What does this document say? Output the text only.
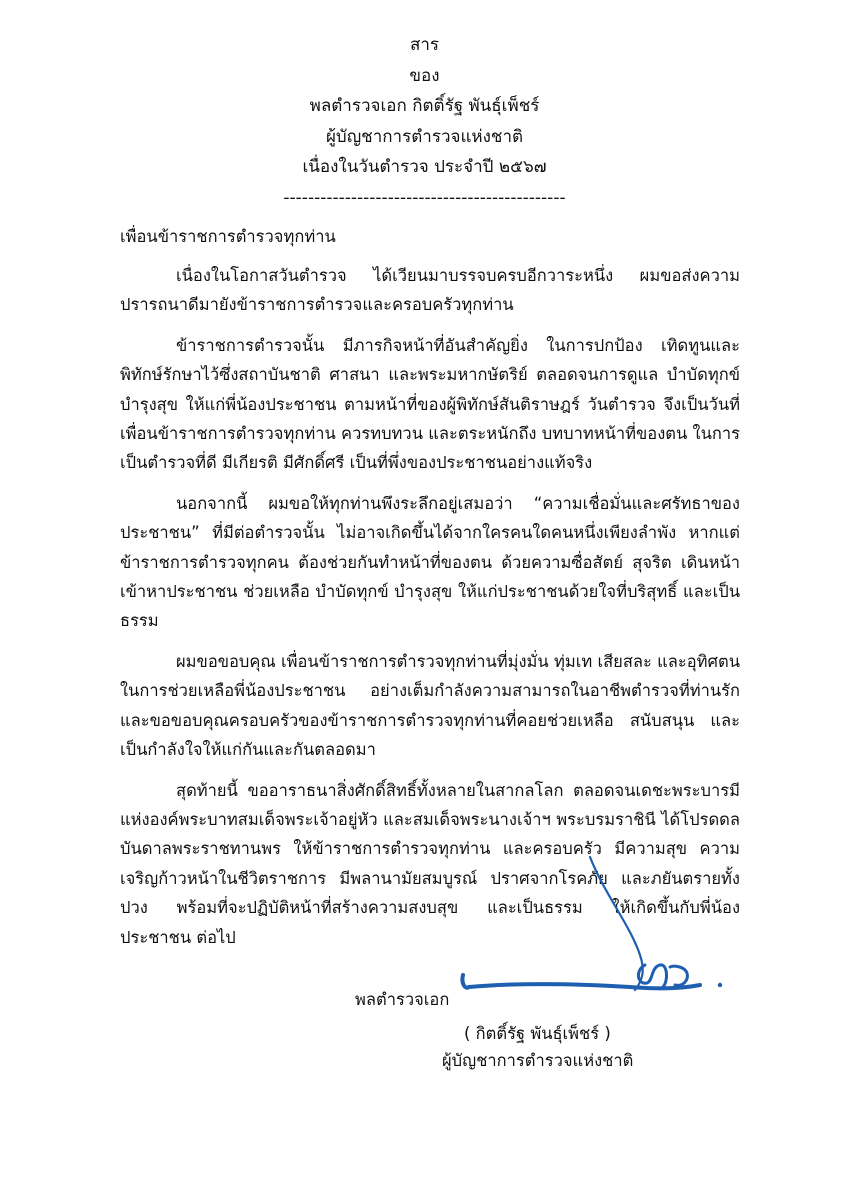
สาร
ของ
พลตำรวจเอก กิตติ์รัฐ พันธุ์เพ็ชร์
ผู้บัญชาการตำรวจแห่งชาติ
เนื่องในวันตำรวจ ประจำปี ๒๕๖๗
----------------------------------------------
เพื่อนข้าราชการตำรวจทุกท่าน

เนื่องในโอกาสวันตำรวจ ได้เวียนมาบรรจบครบอีกวาระหนึ่ง ผมขอส่งความปรารถนาดีมายังข้าราชการตำรวจและครอบครัวทุกท่าน

ข้าราชการตำรวจนั้น มีภารกิจหน้าที่อันสำคัญยิ่ง ในการปกป้อง เทิดทูนและพิทักษ์รักษาไว้ซึ่งสถาบันชาติ ศาสนา และพระมหากษัตริย์ ตลอดจนการดูแล บำบัดทุกข์ บำรุงสุข ให้แก่พี่น้องประชาชน ตามหน้าที่ของผู้พิทักษ์สันติราษฎร์ วันตำรวจ จึงเป็นวันที่เพื่อนข้าราชการตำรวจทุกท่าน ควรทบทวน และตระหนักถึง บทบาทหน้าที่ของตน ในการเป็นตำรวจที่ดี มีเกียรติ มีศักดิ์ศรี เป็นที่พึ่งของประชาชนอย่างแท้จริง

นอกจากนี้ ผมขอให้ทุกท่านพึงระลึกอยู่เสมอว่า “ความเชื่อมั่นและศรัทธาของประชาชน” ที่มีต่อตำรวจนั้น ไม่อาจเกิดขึ้นได้จากใครคนใดคนหนึ่งเพียงลำพัง หากแต่ข้าราชการตำรวจทุกคน ต้องช่วยกันทำหน้าที่ของตน ด้วยความซื่อสัตย์ สุจริต เดินหน้าเข้าหาประชาชน ช่วยเหลือ บำบัดทุกข์ บำรุงสุข ให้แก่ประชาชนด้วยใจที่บริสุทธิ์ และเป็นธรรม

ผมขอขอบคุณ เพื่อนข้าราชการตำรวจทุกท่านที่มุ่งมั่น ทุ่มเท เสียสละ และอุทิศตนในการช่วยเหลือพี่น้องประชาชน อย่างเต็มกำลังความสามารถในอาชีพตำรวจที่ท่านรักและขอขอบคุณครอบครัวของข้าราชการตำรวจทุกท่านที่คอยช่วยเหลือ สนับสนุน และเป็นกำลังใจให้แก่กันและกันตลอดมา

สุดท้ายนี้ ขออาราธนาสิ่งศักดิ์สิทธิ์ทั้งหลายในสากลโลก ตลอดจนเดชะพระบารมีแห่งองค์พระบาทสมเด็จพระเจ้าอยู่หัว และสมเด็จพระนางเจ้าฯ พระบรมราชินี ได้โปรดดลบันดาลพระราชทานพร ให้ข้าราชการตำรวจทุกท่าน และครอบครัว มีความสุข ความเจริญก้าวหน้าในชีวิตราชการ มีพลานามัยสมบูรณ์ ปราศจากโรคภัย และภยันตรายทั้งปวง พร้อมที่จะปฏิบัติหน้าที่สร้างความสงบสุข และเป็นธรรม ให้เกิดขึ้นกับพี่น้องประชาชน ต่อไป

พลตำรวจเอก
( กิตติ์รัฐ พันธุ์เพ็ชร์ )
ผู้บัญชาการตำรวจแห่งชาติ
